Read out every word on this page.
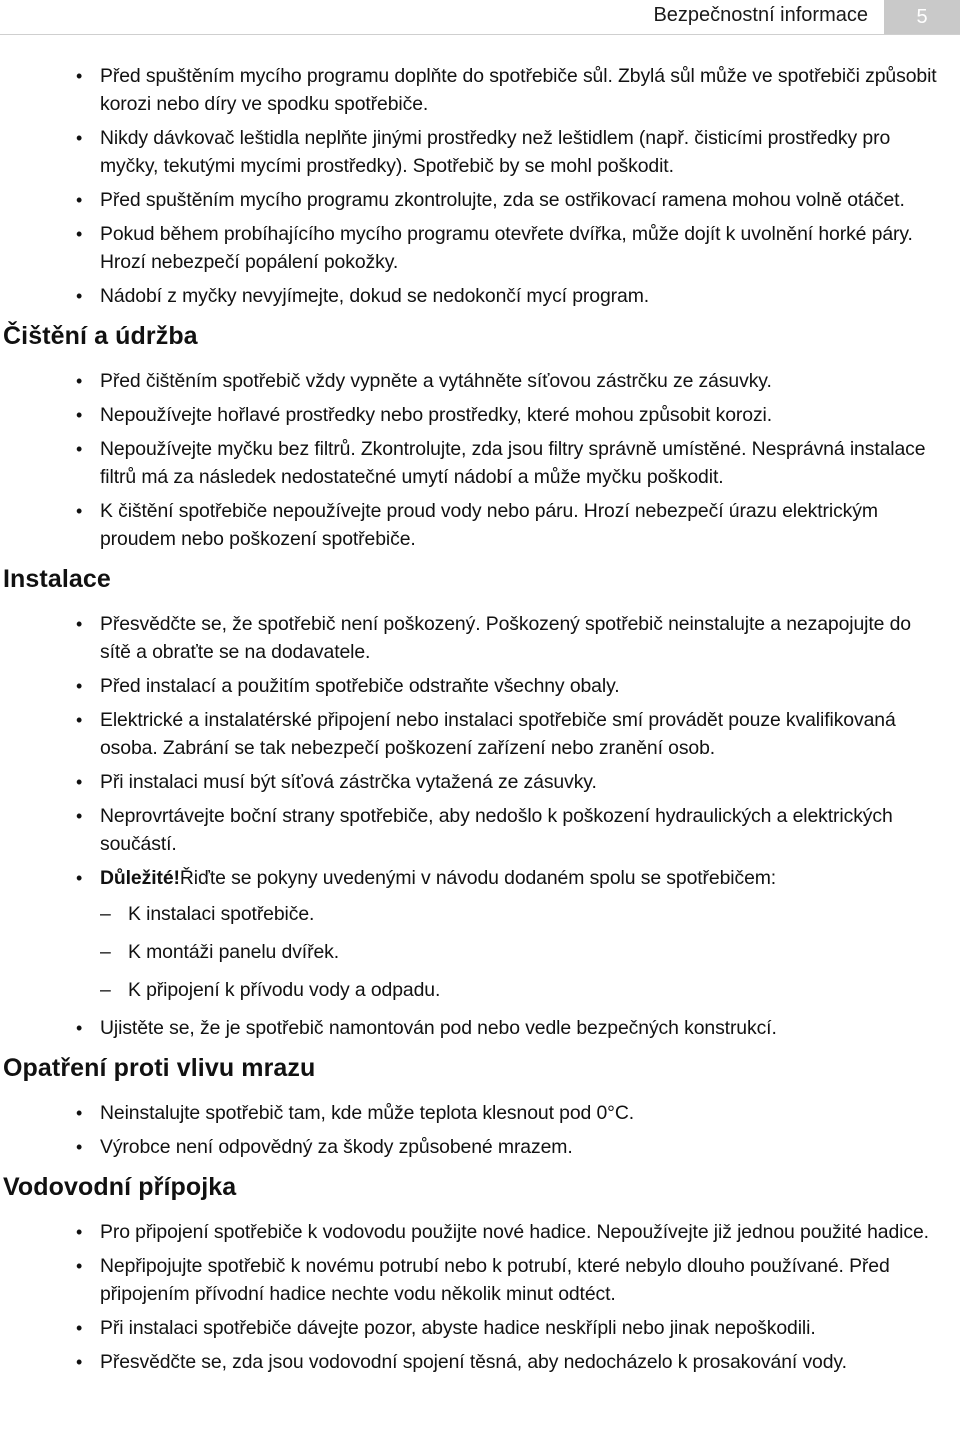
Bezpečnostní informace	5
• Před spuštěním mycího programu doplňte do spotřebiče sůl. Zbylá sůl může ve spotřebiči způsobit korozi nebo díry ve spodku spotřebiče.
• Nikdy dávkovač leštidla neplňte jinými prostředky než leštidlem (např. čisticími prostředky pro myčky, tekutými mycími prostředky). Spotřebič by se mohl poškodit.
• Před spuštěním mycího programu zkontrolujte, zda se ostřikovací ramena mohou volně otáčet.
• Pokud během probíhajícího mycího programu otevřete dvířka, může dojít k uvolnění horké páry. Hrozí nebezpečí popálení pokožky.
• Nádobí z myčky nevyjímejte, dokud se nedokončí mycí program.
Čištění a údržba
• Před čištěním spotřebič vždy vypněte a vytáhněte síťovou zástrčku ze zásuvky.
• Nepoužívejte hořlavé prostředky nebo prostředky, které mohou způsobit korozi.
• Nepoužívejte myčku bez filtrů. Zkontrolujte, zda jsou filtry správně umístěné. Nesprávná instalace filtrů má za následek nedostatečné umytí nádobí a může myčku poškodit.
• K čištění spotřebiče nepoužívejte proud vody nebo páru. Hrozí nebezpečí úrazu elektrickým proudem nebo poškození spotřebiče.
Instalace
• Přesvědčte se, že spotřebič není poškozený. Poškozený spotřebič neinstalujte a nezapojujte do sítě a obraťte se na dodavatele.
• Před instalací a použitím spotřebiče odstraňte všechny obaly.
• Elektrické a instalatérské připojení nebo instalaci spotřebiče smí provádět pouze kvalifikovaná osoba. Zabrání se tak nebezpečí poškození zařízení nebo zranění osob.
• Při instalaci musí být síťová zástrčka vytažená ze zásuvky.
• Neprovrtávejte boční strany spotřebiče, aby nedošlo k poškození hydraulických a elektrických součástí.
• Důležité!Řiďte se pokyny uvedenými v návodu dodaném spolu se spotřebičem:
– K instalaci spotřebiče.
– K montáži panelu dvířek.
– K připojení k přívodu vody a odpadu.
• Ujistěte se, že je spotřebič namontován pod nebo vedle bezpečných konstrukcí.
Opatření proti vlivu mrazu
• Neinstalujte spotřebič tam, kde může teplota klesnout pod 0°C.
• Výrobce není odpovědný za škody způsobené mrazem.
Vodovodní přípojka
• Pro připojení spotřebiče k vodovodu použijte nové hadice. Nepoužívejte již jednou použité hadice.
• Nepřipojujte spotřebič k novému potrubí nebo k potrubí, které nebylo dlouho používané. Před připojením přívodní hadice nechte vodu několik minut odtéct.
• Při instalaci spotřebiče dávejte pozor, abyste hadice neskřípli nebo jinak nepoškodili.
• Přesvědčte se, zda jsou vodovodní spojení těsná, aby nedocházelo k prosakování vody.
